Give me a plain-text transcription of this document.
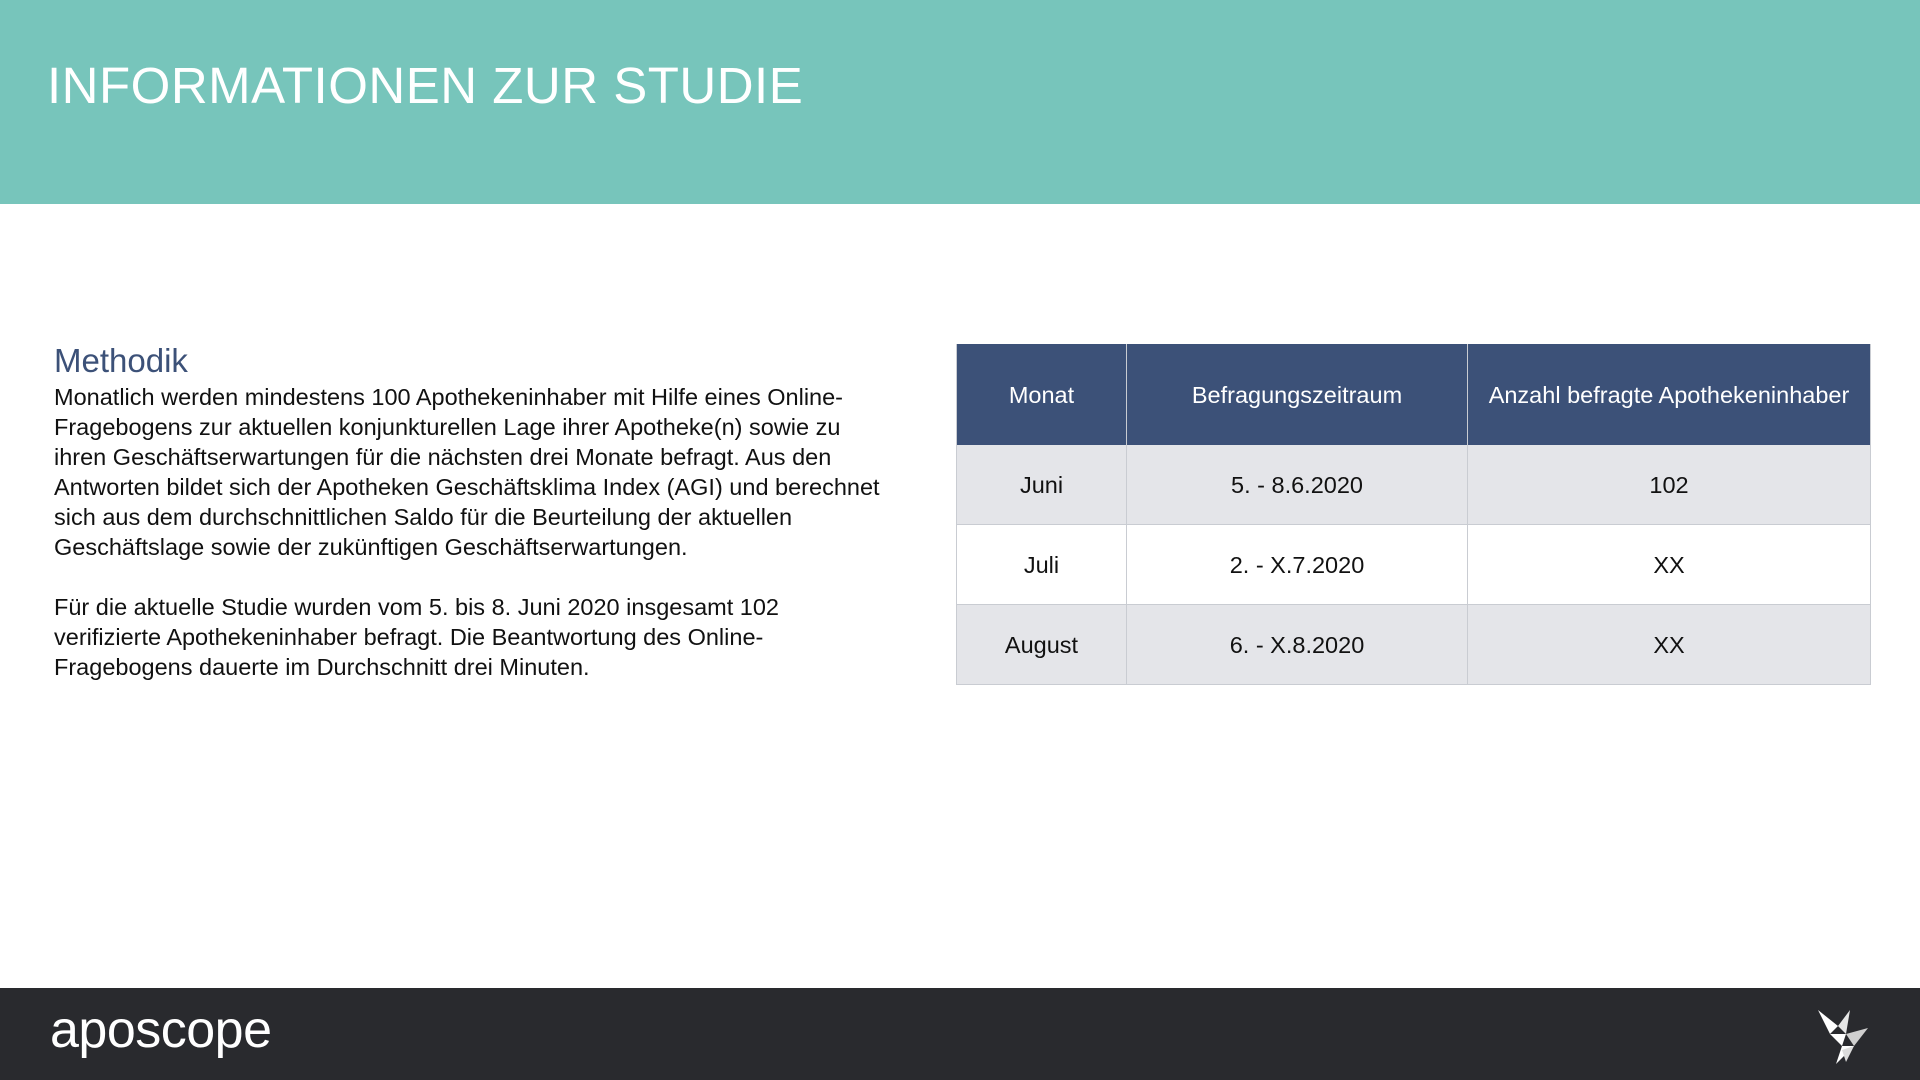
INFORMATIONEN ZUR STUDIE
Methodik

Monatlich werden mindestens 100 Apothekeninhaber mit Hilfe eines Online-Fragebogens zur aktuellen konjunkturellen Lage ihrer Apotheke(n) sowie zu ihren Geschäftserwartungen für die nächsten drei Monate befragt. Aus den Antworten bildet sich der Apotheken Geschäftsklima Index (AGI) und berechnet sich aus dem durchschnittlichen Saldo für die Beurteilung der aktuellen Geschäftslage sowie der zukünftigen Geschäftserwartungen.

Für die aktuelle Studie wurden vom 5. bis 8. Juni 2020 insgesamt 102 verifizierte Apothekeninhaber befragt. Die Beantwortung des Online-Fragebogens dauerte im Durchschnitt drei Minuten.

Monat	Befragungszeitraum	Anzahl befragte Apothekeninhaber
Juni	5. - 8.6.2020	102
Juli	2. - X.7.2020	XX
August	6. - X.8.2020	XX
aposcope
